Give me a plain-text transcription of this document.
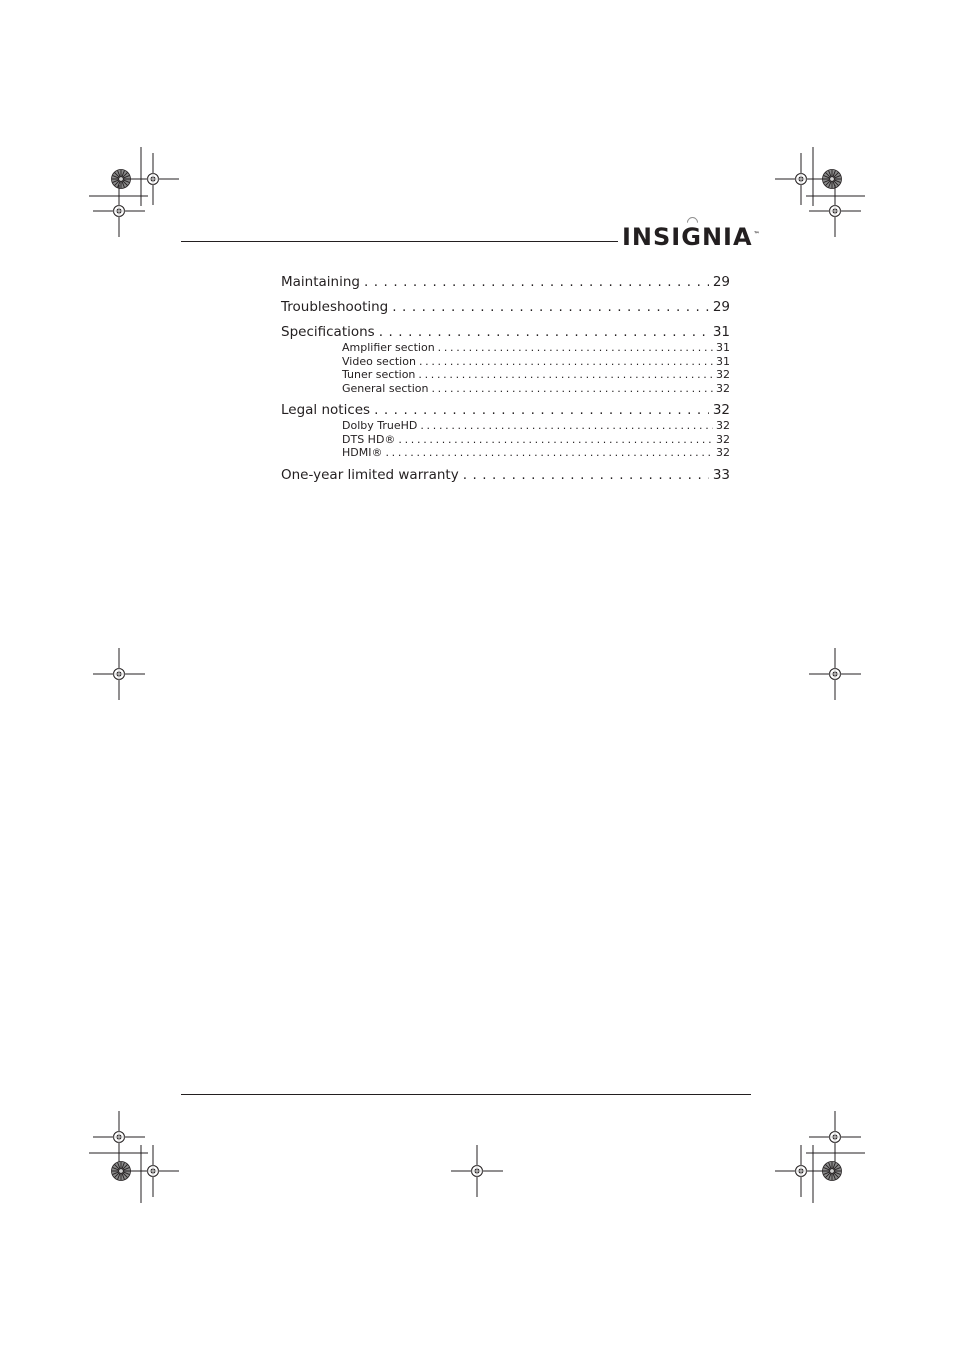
INSIGNIA™
Maintaining . . .	29
Troubleshooting . . .	29
Specifications . . .	31
Amplifier section . . .	31
Video section . . .	31
Tuner section . . .	32
General section . . .	32
Legal notices . . .	32
Dolby TrueHD . . .	32
DTS HD® . . .	32
HDMI® . . .	32
One-year limited warranty . . .	33
